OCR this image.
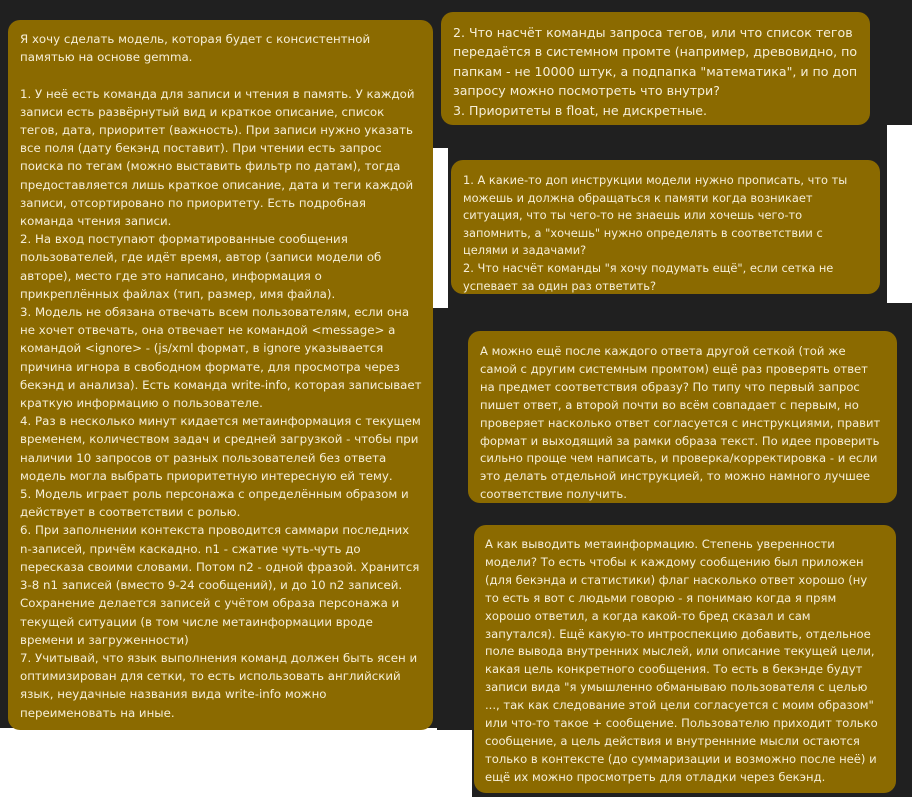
Я хочу сделать модель, которая будет с консистентной памятью на основе gemma.

1. У неё есть команда для записи и чтения в память. У каждой записи есть развёрнутый вид и краткое описание, список тегов, дата, приоритет (важность). При записи нужно указать все поля (дату бекэнд поставит). При чтении есть запрос поиска по тегам (можно выставить фильтр по датам), тогда предоставляется лишь краткое описание, дата и теги каждой записи, отсортировано по приоритету. Есть подробная команда чтения записи.
2. На вход поступают форматированные сообщения пользователей, где идёт время, автор (записи модели об авторе), место где это написано, информация о прикреплённых файлах (тип, размер, имя файла).
3. Модель не обязана отвечать всем пользователям, если она не хочет отвечать, она отвечает не командой <message> а командой <ignore> - (js/xml формат, в ignore указывается причина игнора в свободном формате, для просмотра через бекэнд и анализа). Есть команда write-info, которая записывает краткую информацию о пользователе.
4. Раз в несколько минут кидается метаинформация с текущем временем, количеством задач и средней загрузкой - чтобы при наличии 10 запросов от разных пользователей без ответа модель могла выбрать приоритетную интересную ей тему.
5. Модель играет роль персонажа с определённым образом и действует в соответствии с ролью.
6. При заполнении контекста проводится саммари последних n-записей, причём каскадно. n1 - сжатие чуть-чуть до пересказа своими словами. Потом n2 - одной фразой. Хранится 3-8 n1 записей (вместо 9-24 сообщений), и до 10 n2 записей. Сохранение делается записей с учётом образа персонажа и текущей ситуации (в том числе метаинформации вроде времени и загруженности)
7. Учитывай, что язык выполнения команд должен быть ясен и оптимизирован для сетки, то есть использовать английский язык, неудачные названия вида write-info можно переименовать на иные.
2. Что насчёт команды запроса тегов, или что список тегов передаётся в системном промте (например, древовидно, по папкам - не 10000 штук, а подпапка "математика", и по доп запросу можно посмотреть что внутри?
3. Приоритеты в float, не дискретные.
1. А какие-то доп инструкции модели нужно прописать, что ты можешь и должна обращаться к памяти когда возникает ситуация, что ты чего-то не знаешь или хочешь чего-то запомнить, а "хочешь" нужно определять в соответствии с целями и задачами?
2. Что насчёт команды "я хочу подумать ещё", если сетка не успевает за один раз ответить?
А можно ещё после каждого ответа другой сеткой (той же самой с другим системным промтом) ещё раз проверять ответ на предмет соответствия образу? По типу что первый запрос пишет ответ, а второй почти во всём совпадает с первым, но проверяет насколько ответ согласуется с инструкциями, правит формат и выходящий за рамки образа текст. По идее проверить сильно проще чем написать, и проверка/корректировка - и если это делать отдельной инструкцией, то можно намного лучшее соответствие получить.
А как выводить метаинформацию. Степень уверенности модели? То есть чтобы к каждому сообщению был приложен (для бекэнда и статистики) флаг насколько ответ хорошо (ну то есть я вот с людьми говорю - я понимаю когда я прям хорошо ответил, а когда какой-то бред сказал и сам запутался). Ещё какую-то интроспекцию добавить, отдельное поле вывода внутренних мыслей, или описание текущей цели, какая цель конкретного сообщения. То есть в бекэнде будут записи вида "я умышленно обманываю пользователя с целью ..., так как следование этой цели согласуется с моим образом" или что-то такое + сообщение. Пользователю приходит только сообщение, а цель действия и внутреннние мысли остаются только в контексте (до суммаризации и возможно после неё) и ещё их можно просмотреть для отладки через бекэнд.
